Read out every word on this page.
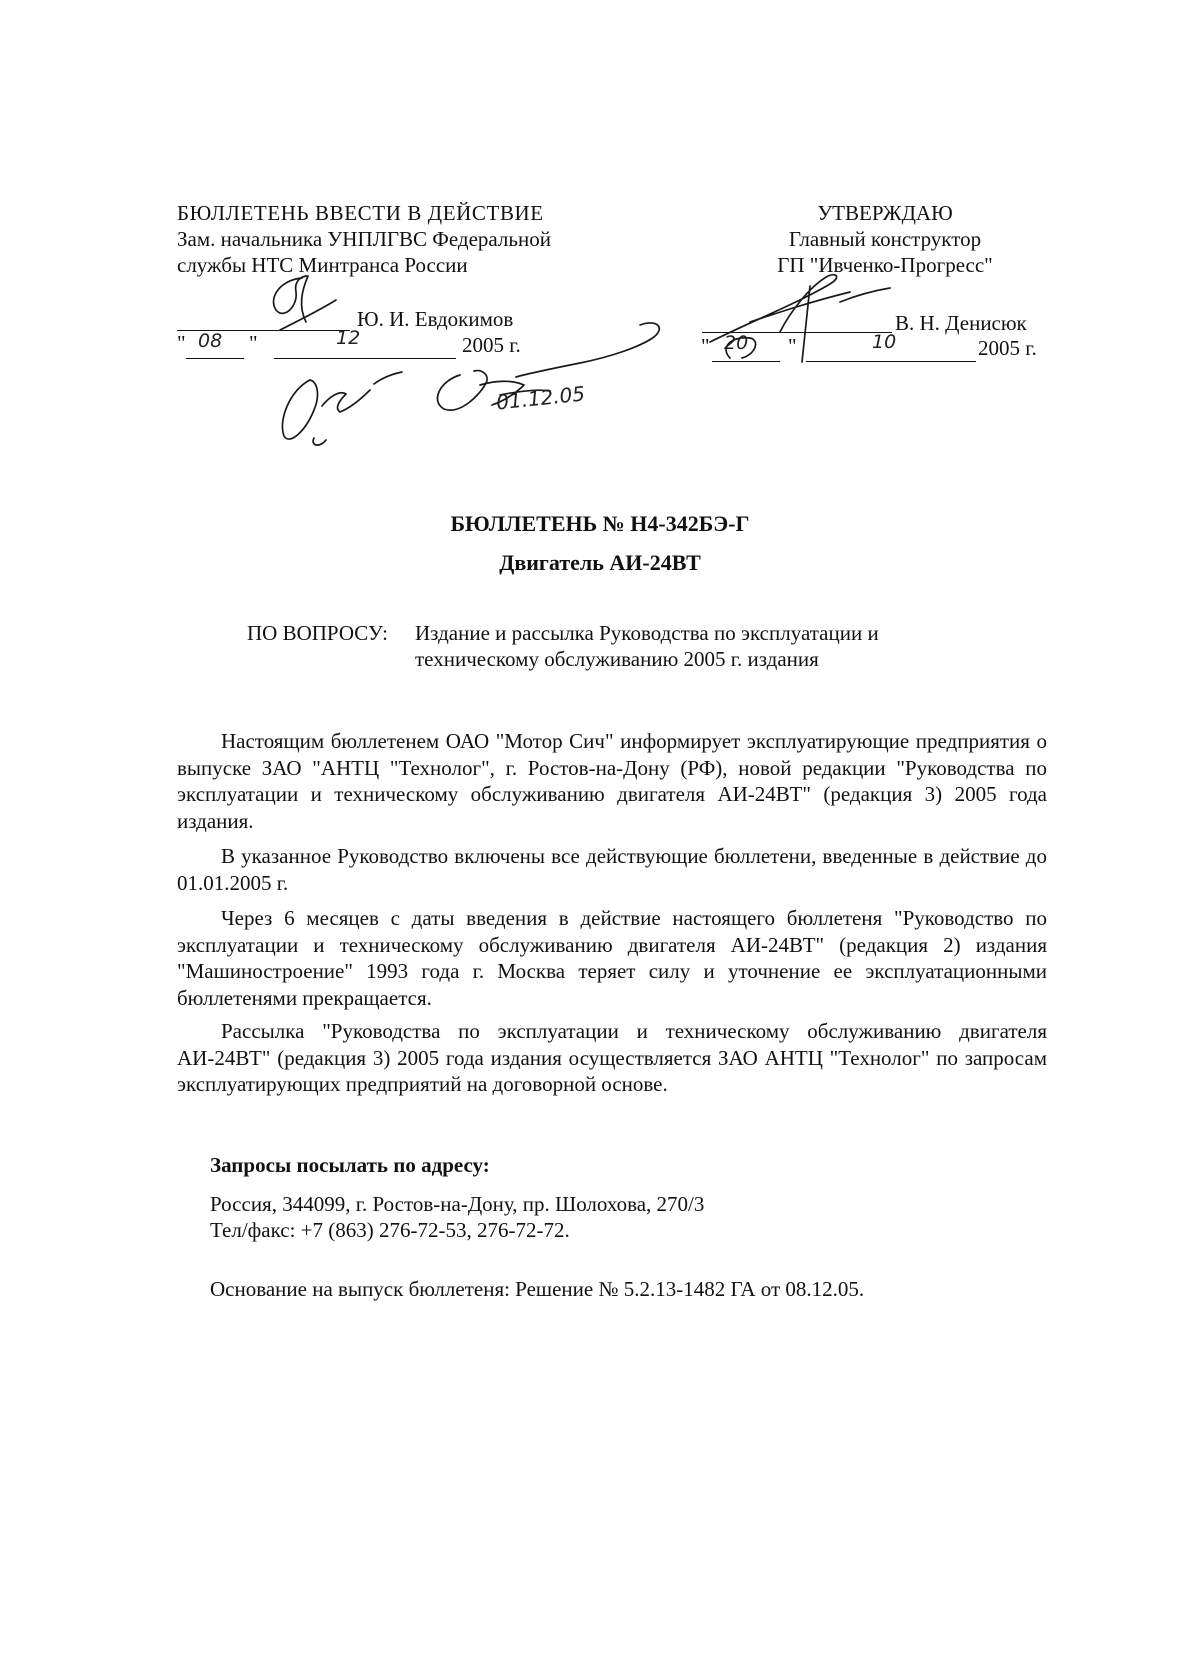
БЮЛЛЕТЕНЬ ВВЕСТИ В ДЕЙСТВИЕ
Зам. начальника УНПЛГВС Федеральной
службы НТС Минтранса России
Ю. И. Евдокимов
" 08 "	12	2005 г.
УТВЕРЖДАЮ
Главный конструктор
ГП "Ивченко-Прогресс"
В. Н. Денисюк
" 20 "	10	2005 г.
01.12.05
БЮЛЛЕТЕНЬ № Н4-342БЭ-Г
Двигатель АИ-24ВТ
ПО ВОПРОСУ: Издание и рассылка Руководства по эксплуатации и
техническому обслуживанию 2005 г. издания
Настоящим бюллетенем ОАО "Мотор Сич" информирует эксплуатирующие предприятия о выпуске ЗАО "АНТЦ "Технолог", г. Ростов-на-Дону (РФ), новой редакции "Руководства по эксплуатации и техническому обслуживанию двигателя АИ-24ВТ" (редакция 3) 2005 года издания.
В указанное Руководство включены все действующие бюллетени, введенные в действие до 01.01.2005 г.
Через 6 месяцев с даты введения в действие настоящего бюллетеня "Руководство по эксплуатации и техническому обслуживанию двигателя АИ-24ВТ" (редакция 2) издания "Машиностроение" 1993 года г. Москва теряет силу и уточнение ее эксплуатационными бюллетенями прекращается.
Рассылка "Руководства по эксплуатации и техническому обслуживанию двигателя АИ-24ВТ" (редакция 3) 2005 года издания осуществляется ЗАО АНТЦ "Технолог" по запросам эксплуатирующих предприятий на договорной основе.
Запросы посылать по адресу:
Россия, 344099, г. Ростов-на-Дону, пр. Шолохова, 270/3
Тел/факс: +7 (863) 276-72-53, 276-72-72.
Основание на выпуск бюллетеня: Решение № 5.2.13-1482 ГА от 08.12.05.
